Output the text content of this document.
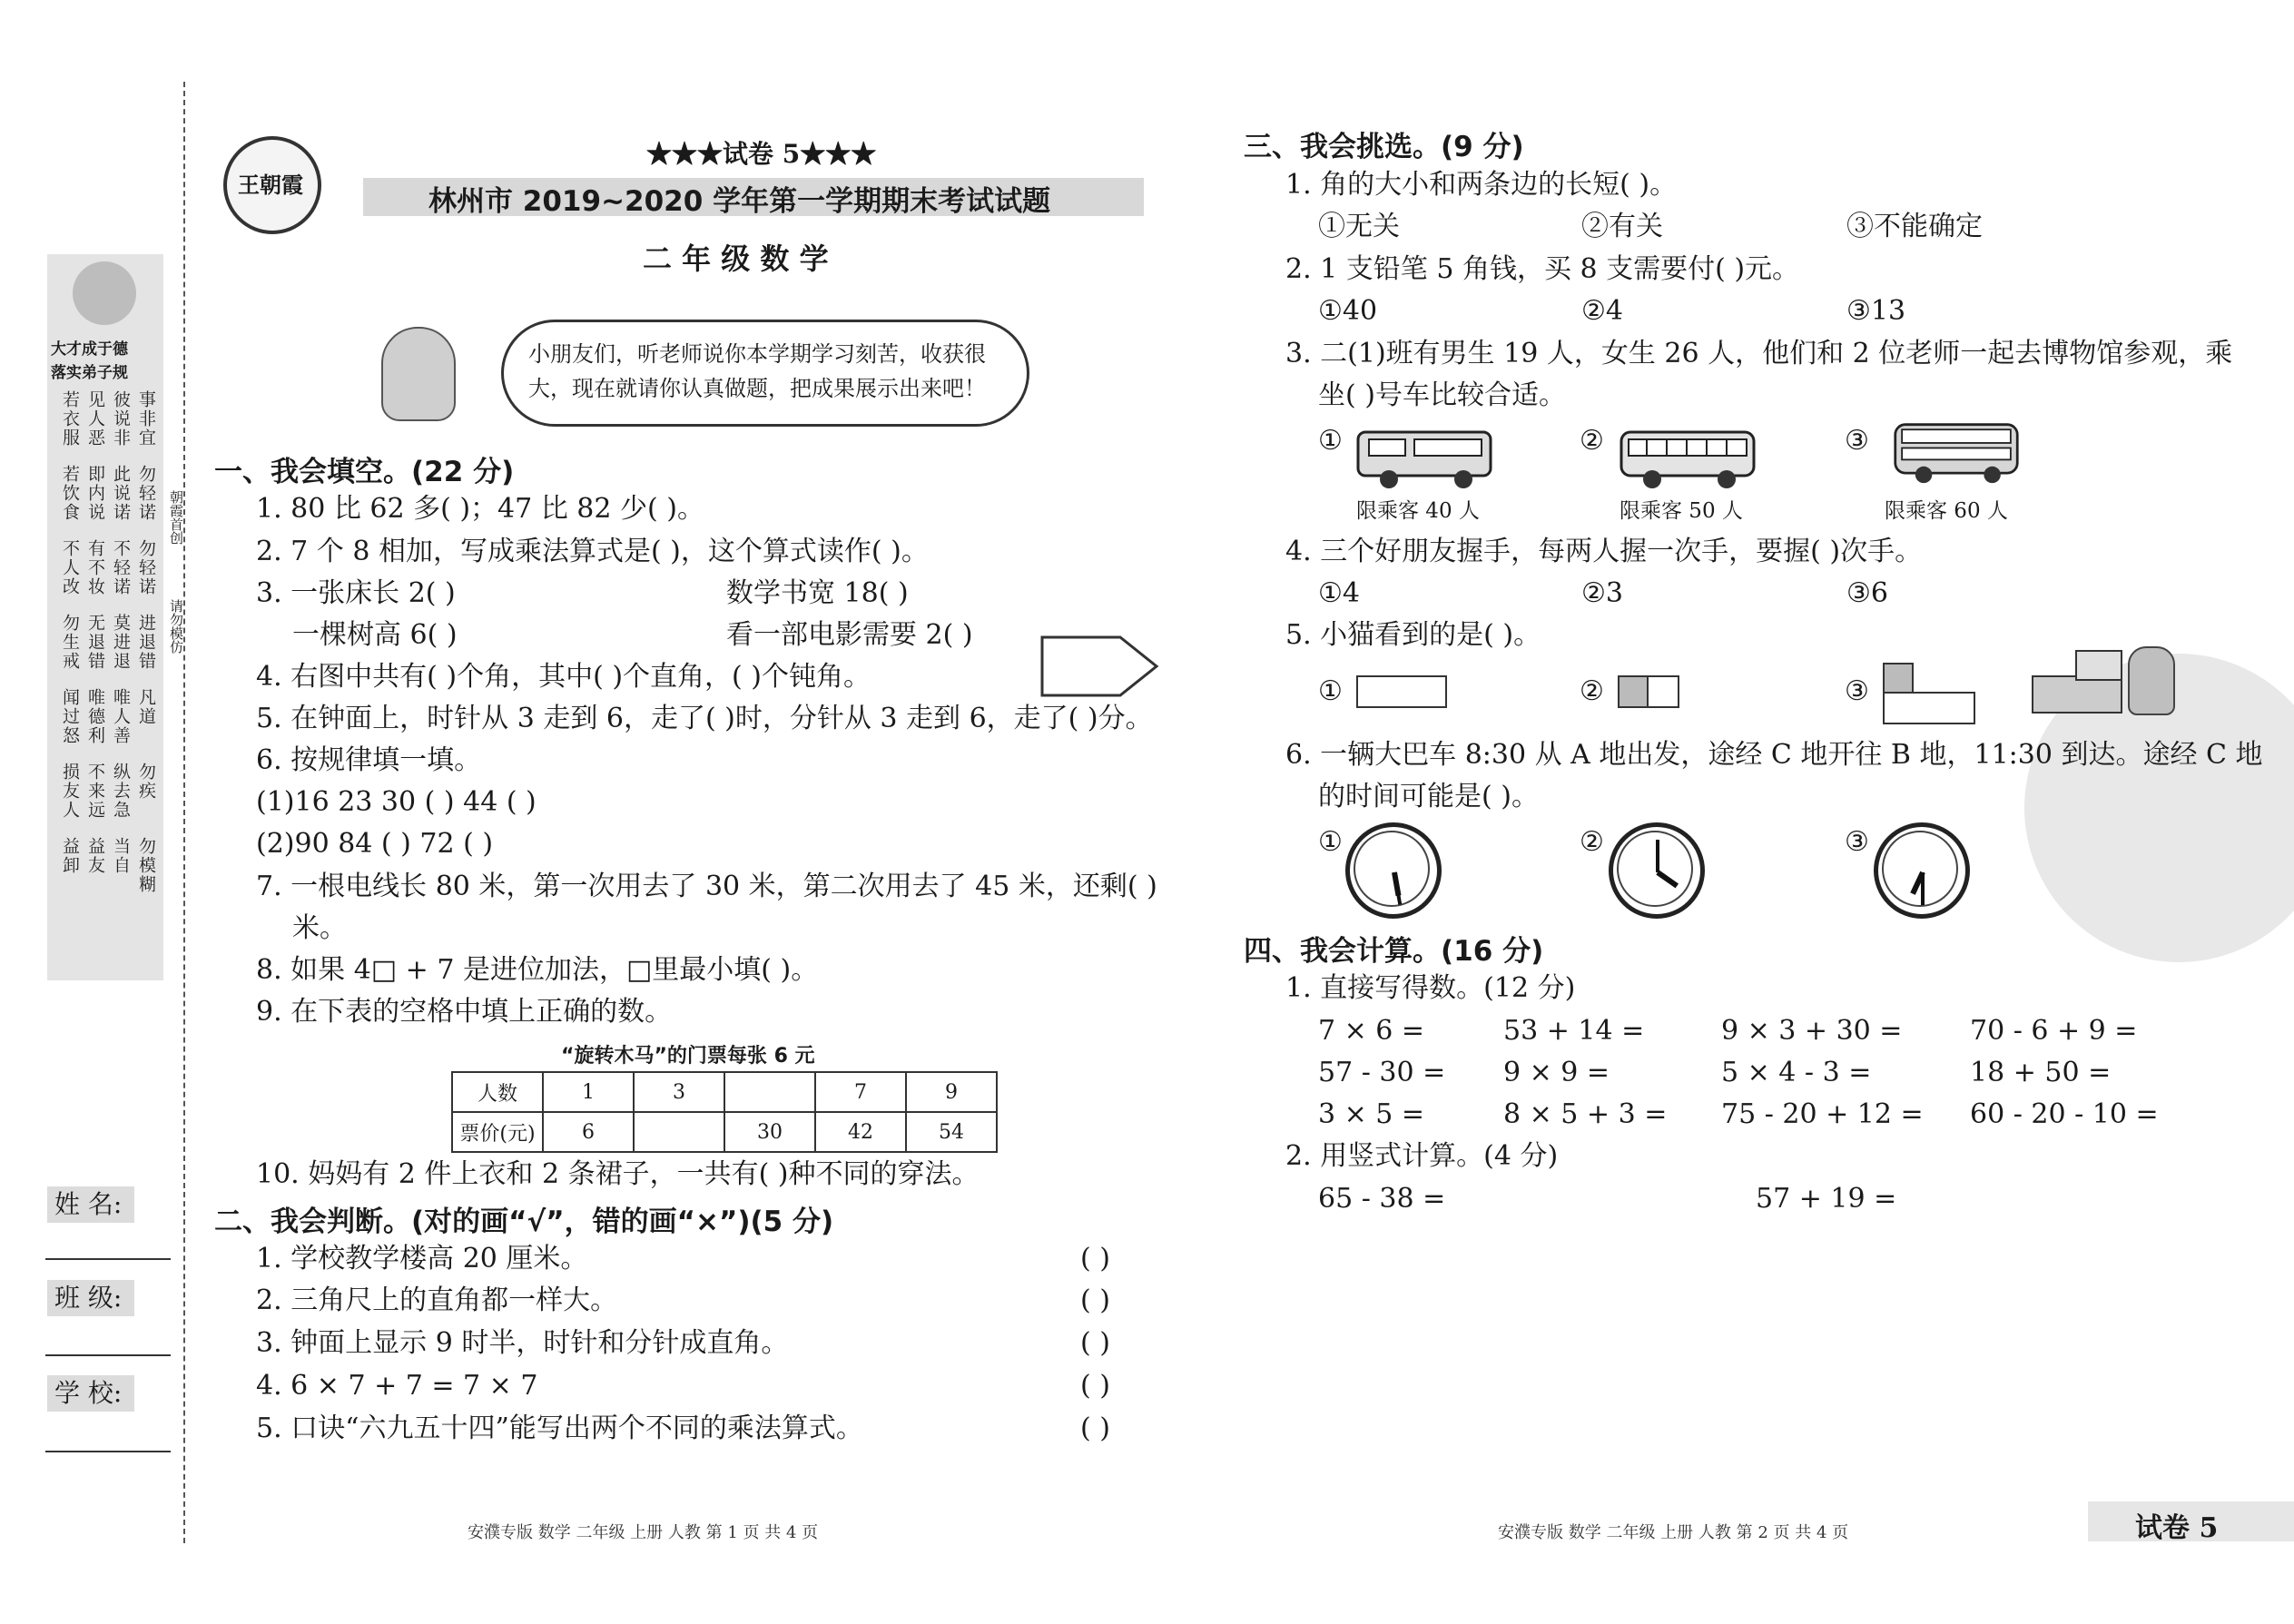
大才成于德
落实弟子规
事非宜
彼说非
见人恶
若衣服
勿轻诺
此说诺
即内说
若饮食
勿轻诺
不轻诺
有不妆
不人改
进退错
莫进退
无退错
勿生戒
凡道
唯人善
唯德利
闻过怒
勿疾
纵去急
不来远
损友人
勿模糊
当自
益友
益卸
朝霞首创
请勿模仿
姓 名:
班 级:
学 校:
王朝霞
★★★试卷 5★★★
林州市 2019~2020 学年第一学期期末考试试题
二 年 级 数 学
小朋友们，听老师说你本学期学习刻苦，收获很
大，现在就请你认真做题，把成果展示出来吧！
一、我会填空。(22 分)
1. 80 比 62 多( )；47 比 82 少( )。
2. 7 个 8 相加，写成乘法算式是( )，这个算式读作( )。
3. 一张床长 2( )	数学书宽 18( )
一棵树高 6( )	看一部电影需要 2( )
4. 右图中共有( )个角，其中( )个直角，( )个钝角。
5. 在钟面上，时针从 3 走到 6，走了( )时，分针从 3 走到 6，走了( )分。
6. 按规律填一填。
(1)16 23 30 ( ) 44 ( )
(2)90 84 ( ) 72 ( )
7. 一根电线长 80 米，第一次用去了 30 米，第二次用去了 45 米，还剩( )
米。
8. 如果 4□ + 7 是进位加法，□里最小填( )。
9. 在下表的空格中填上正确的数。
“旋转木马”的门票每张 6 元
人数	1	3		7	9
票价(元)	6		30	42	54
10. 妈妈有 2 件上衣和 2 条裙子，一共有( )种不同的穿法。
二、我会判断。(对的画“√”，错的画“×”)(5 分)
1. 学校教学楼高 20 厘米。
2. 三角尺上的直角都一样大。
3. 钟面上显示 9 时半，时针和分针成直角。
4. 6 × 7 + 7 = 7 × 7
5. 口诀“六九五十四”能写出两个不同的乘法算式。
( )
( )
( )
( )
( )
安濮专版 数学 二年级 上册 人教 第 1 页 共 4 页
三、我会挑选。(9 分)
1. 角的大小和两条边的长短( )。
①无关	②有关	③不能确定
2. 1 支铅笔 5 角钱，买 8 支需要付( )元。
①40	②4	③13
3. 二(1)班有男生 19 人，女生 26 人，他们和 2 位老师一起去博物馆参观，乘
坐( )号车比较合适。
①	②	③
限乘客 40 人	限乘客 50 人	限乘客 60 人
4. 三个好朋友握手，每两人握一次手，要握( )次手。
①4	②3	③6
5. 小猫看到的是( )。
①	②	③
6. 一辆大巴车 8:30 从 A 地出发，途经 C 地开往 B 地，11:30 到达。途经 C 地
的时间可能是( )。
①	②	③
四、我会计算。(16 分)
1. 直接写得数。(12 分)
7 × 6 =	53 + 14 =	9 × 3 + 30 = 70 - 6 + 9 =
57 - 30 = 9 × 9 =	5 × 4 - 3 =	18 + 50 =
3 × 5 =	8 × 5 + 3 = 75 - 20 + 12 = 60 - 20 - 10 =
2. 用竖式计算。(4 分)
65 - 38 =	57 + 19 =
安濮专版 数学 二年级 上册 人教 第 2 页 共 4 页	试卷 5
